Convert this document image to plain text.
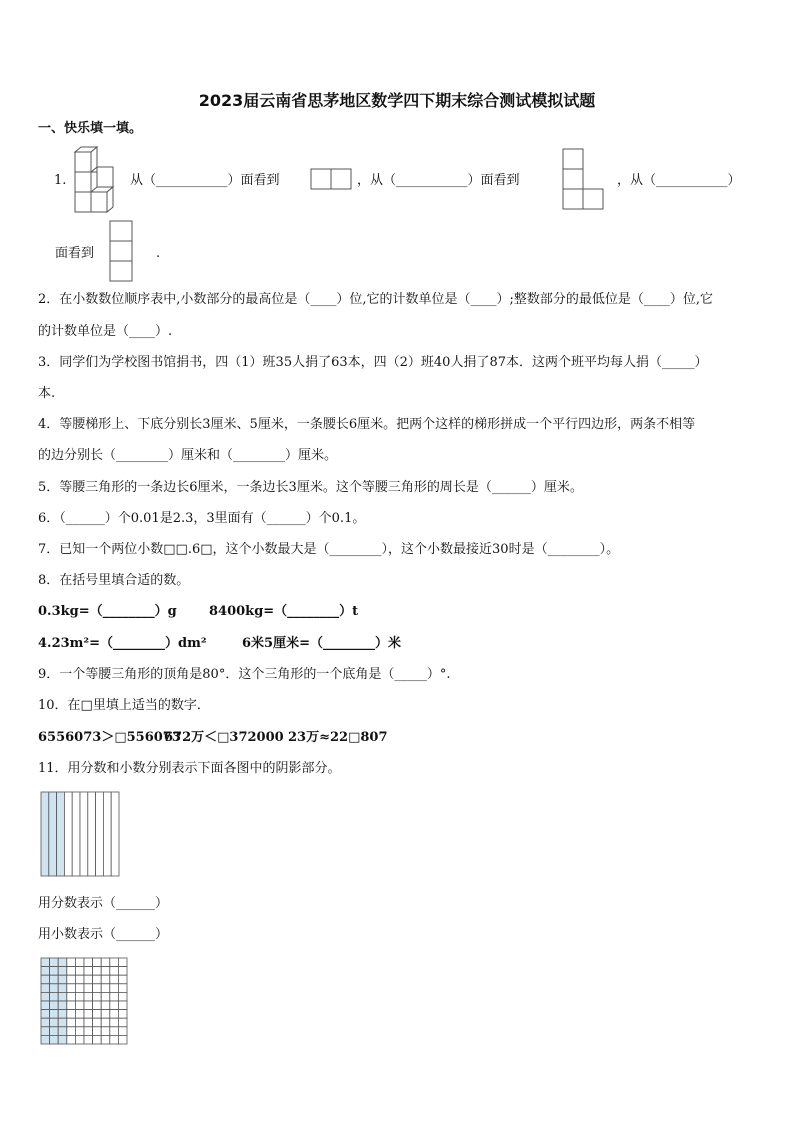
2023届云南省思茅地区数学四下期末综合测试模拟试题
一、快乐填一填。
1.	从（___________）面看到	，从（___________）面看到	，从（___________）
面看到	.
2．在小数数位顺序表中,小数部分的最高位是（____）位,它的计数单位是（____）;整数部分的最低位是（____）位,它
的计数单位是（____）.
3．同学们为学校图书馆捐书，四（1）班35人捐了63本，四（2）班40人捐了87本．这两个班平均每人捐（_____）
本.
4．等腰梯形上、下底分别长3厘米、5厘米，一条腰长6厘米。把两个这样的梯形拼成一个平行四边形，两条不相等
的边分别长（________）厘米和（________）厘米。
5．等腰三角形的一条边长6厘米，一条边长3厘米。这个等腰三角形的周长是（______）厘米。
6．（______）个0.01是2.3，3里面有（______）个0.1。
7．已知一个两位小数□□.6□，这个小数最大是（________），这个小数最接近30时是（________）。
8．在括号里填合适的数。
0.3kg=（________）g 8400kg=（________）t
4.23m²=（________）dm²	6米5厘米=（________）米
9．一个等腰三角形的顶角是80°．这个三角形的一个底角是（_____）°.
10．在□里填上适当的数字．
6556073＞□556073
672万＜□372000 23万≈22□807
11．用分数和小数分别表示下面各图中的阴影部分。
用分数表示（______）
用小数表示（______）
